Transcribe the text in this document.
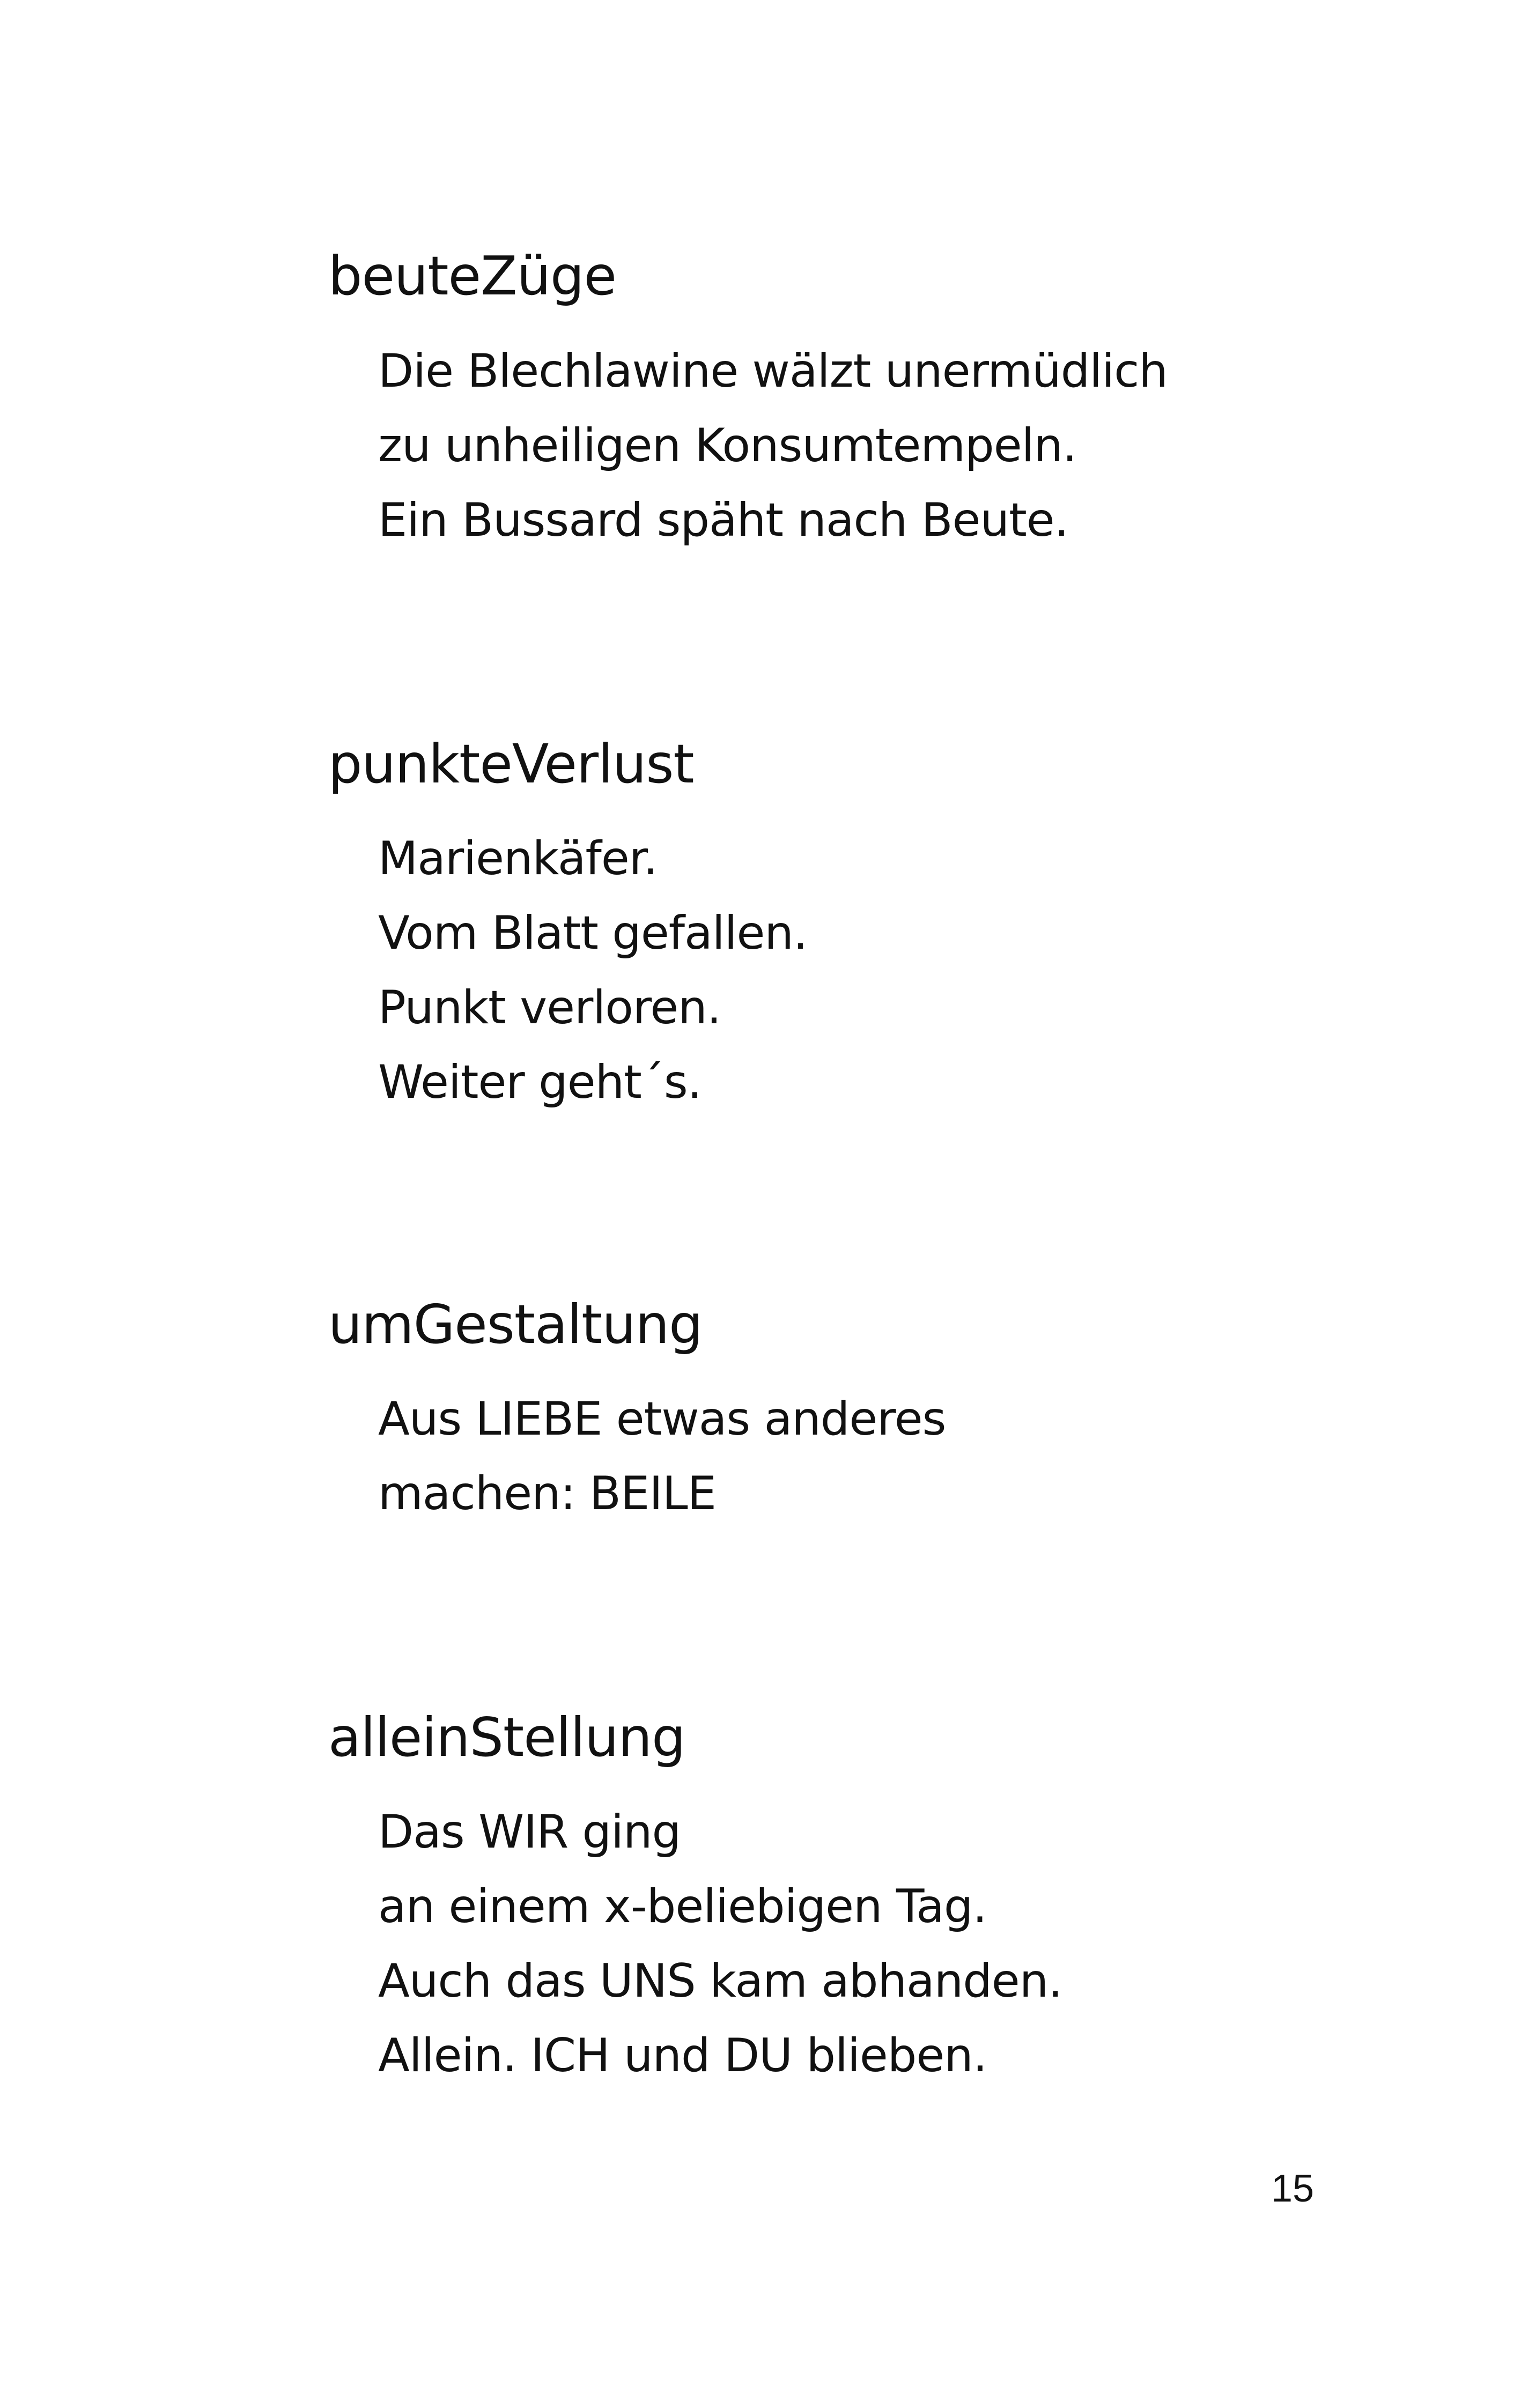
beuteZüge
Die Blechlawine wälzt unermüdlich
zu unheiligen Konsumtempeln.
Ein Bussard späht nach Beute.
punkteVerlust
Marienkäfer.
Vom Blatt gefallen.
Punkt verloren.
Weiter geht´s.
umGestaltung
Aus LIEBE etwas anderes
machen: BEILE
alleinStellung
Das WIR ging
an einem x-beliebigen Tag.
Auch das UNS kam abhanden.
Allein. ICH und DU blieben.
15
